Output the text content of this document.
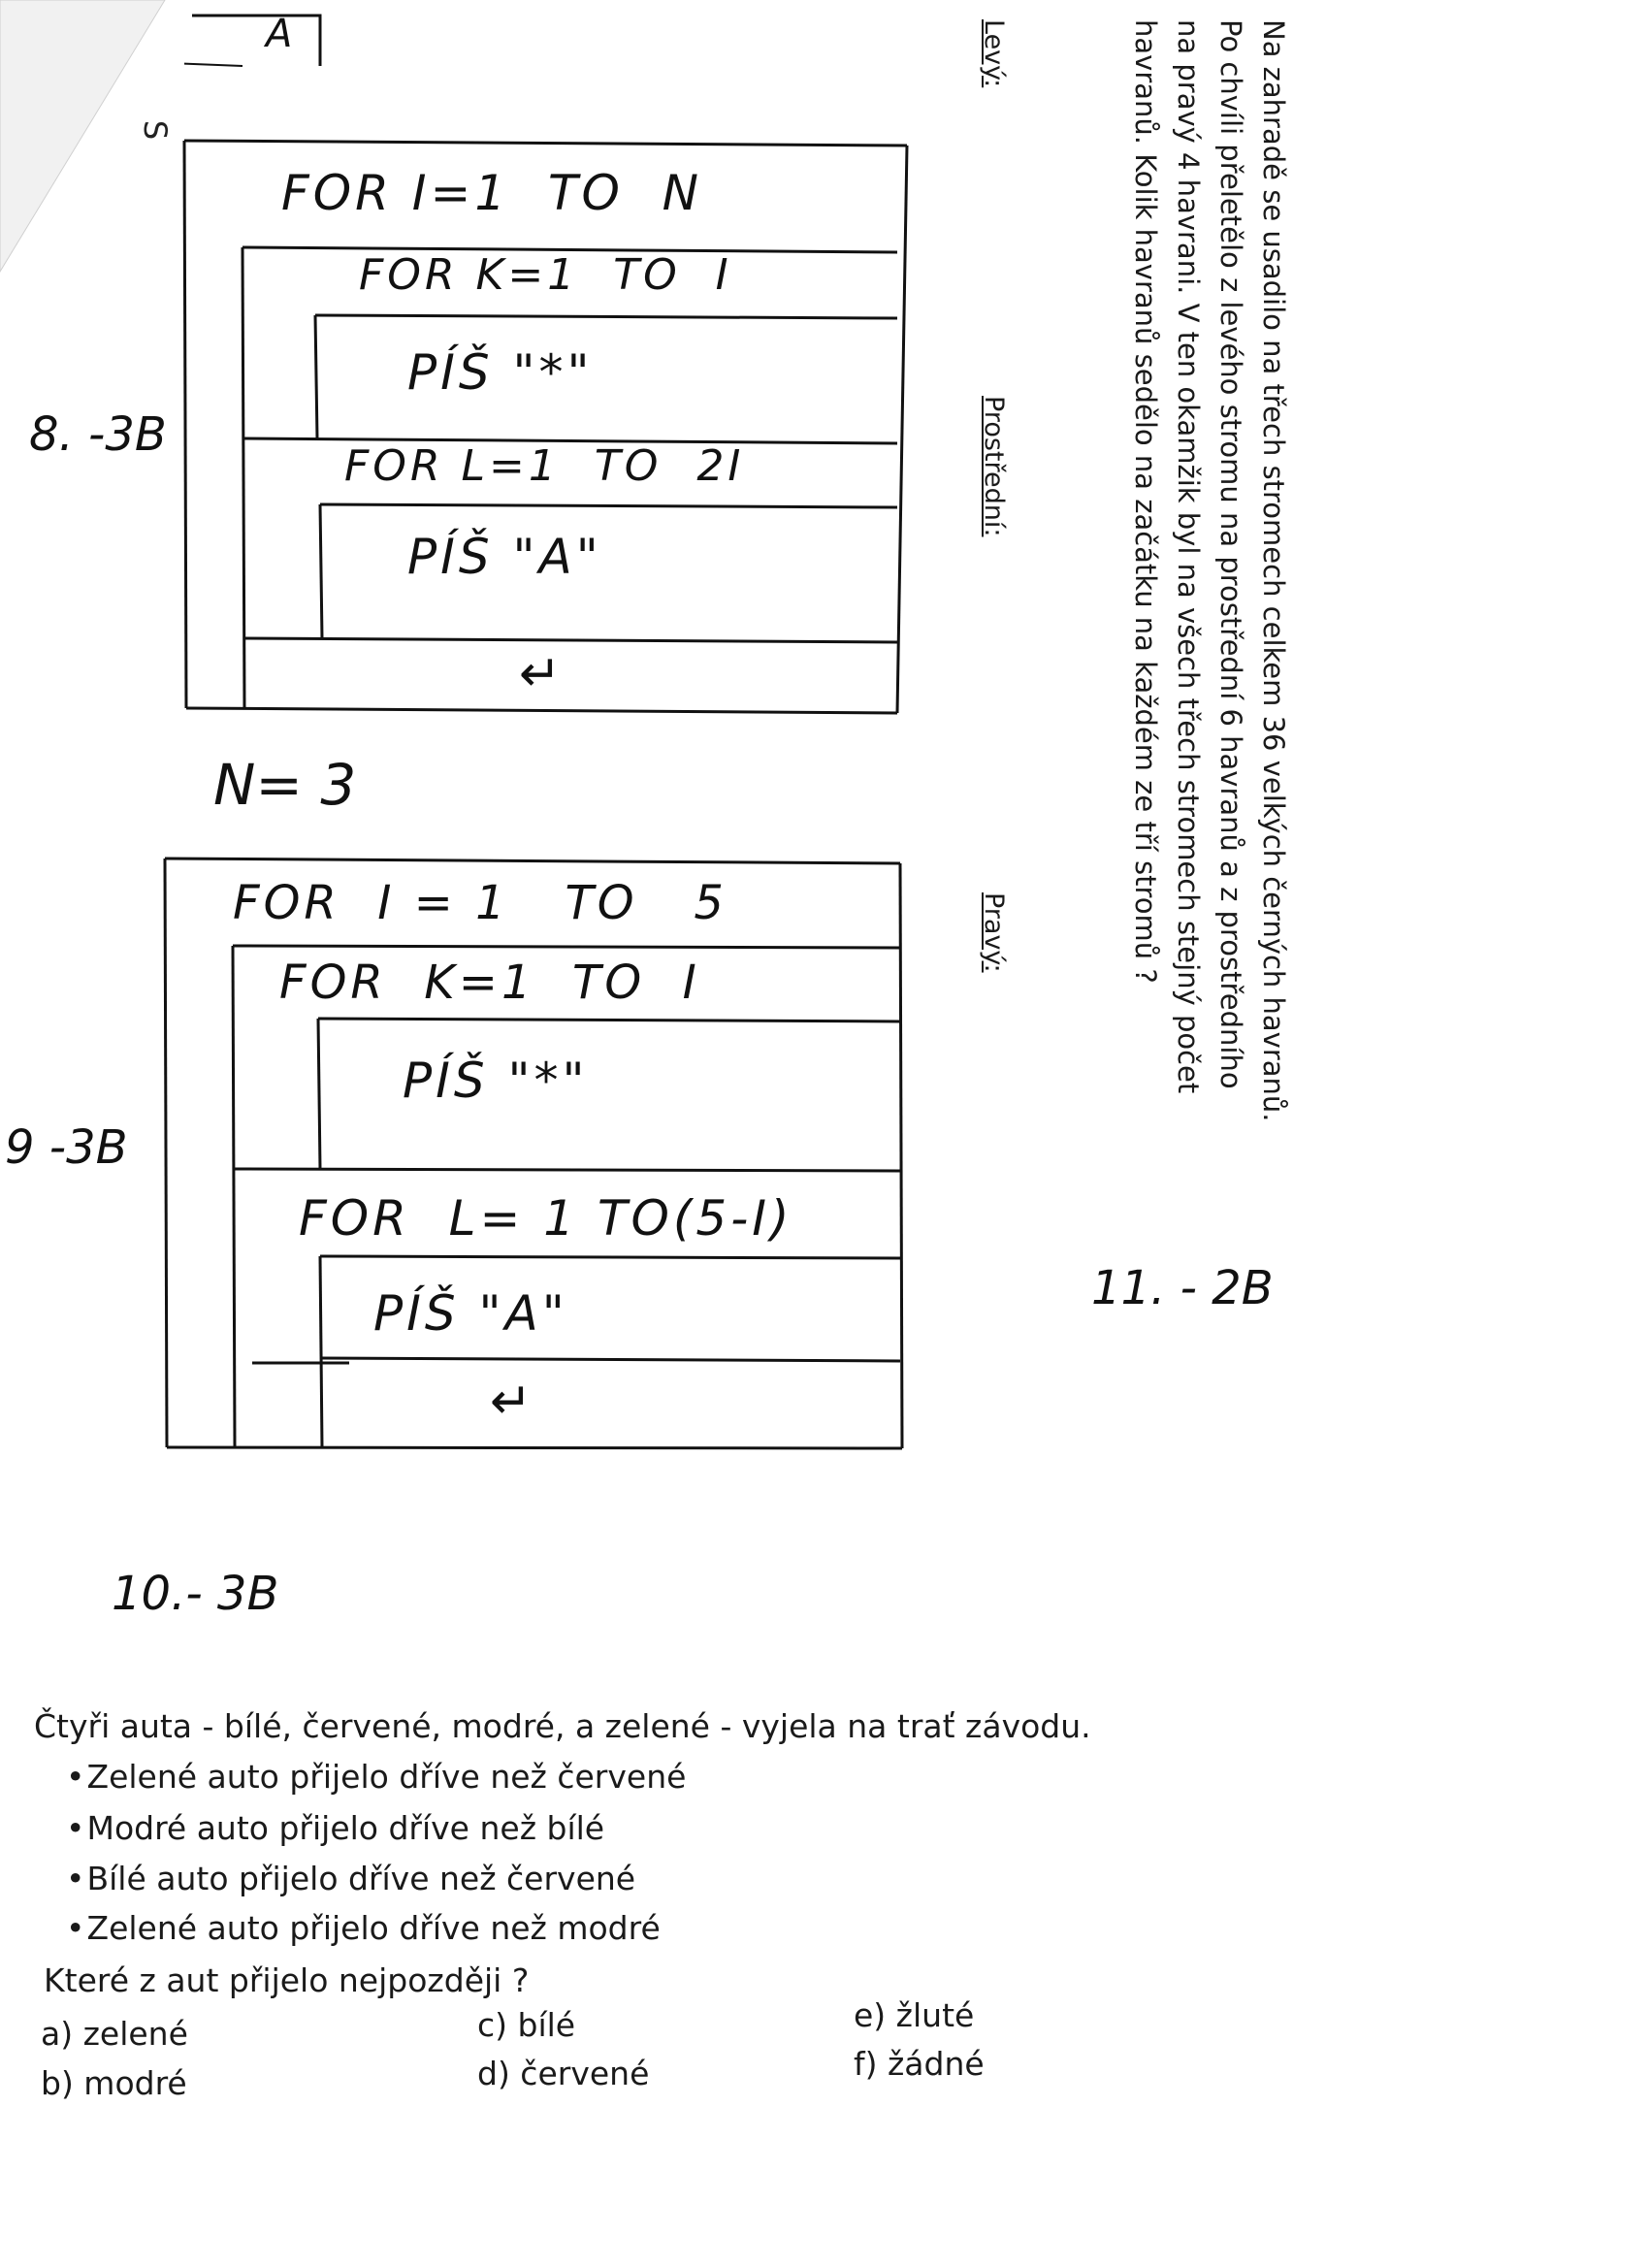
A
S	Na zahradě se usadilo na třech stromech celkem 36 velkých černých havranů.
Po chvíli přeletělo z levého stromu na prostřední 6 havranů a z prostředního
na pravý 4 havrani. V ten okamžik byl na všech třech stromech stejný počet
havranů. Kolik havranů sedělo na začátku na každém ze tří stromů ?
Levý:
Prostřední:
Pravý:
11. - 2B
FOR I=1  TO  N
FOR K=1  TO  I
PÍŠ "*"
FOR L=1  TO  2I
PÍŠ "A"
↵
8. -3B
N= 3
FOR  I = 1   TO   5
FOR  K=1  TO  I
PÍŠ "*"
FOR  L= 1 TO(5-I)
PÍŠ "A"
↵
9 -3B
10.- 3B
Čtyři auta - bílé, červené, modré, a zelené - vyjela na trať závodu.
• Zelené auto přijelo dříve než červené
• Modré auto přijelo dříve než bílé
• Bílé auto přijelo dříve než červené
• Zelené auto přijelo dříve než modré
Které z aut přijelo nejpozději ?
a) zelené
b) modré
c) bílé
d) červené
e) žluté
f) žádné
